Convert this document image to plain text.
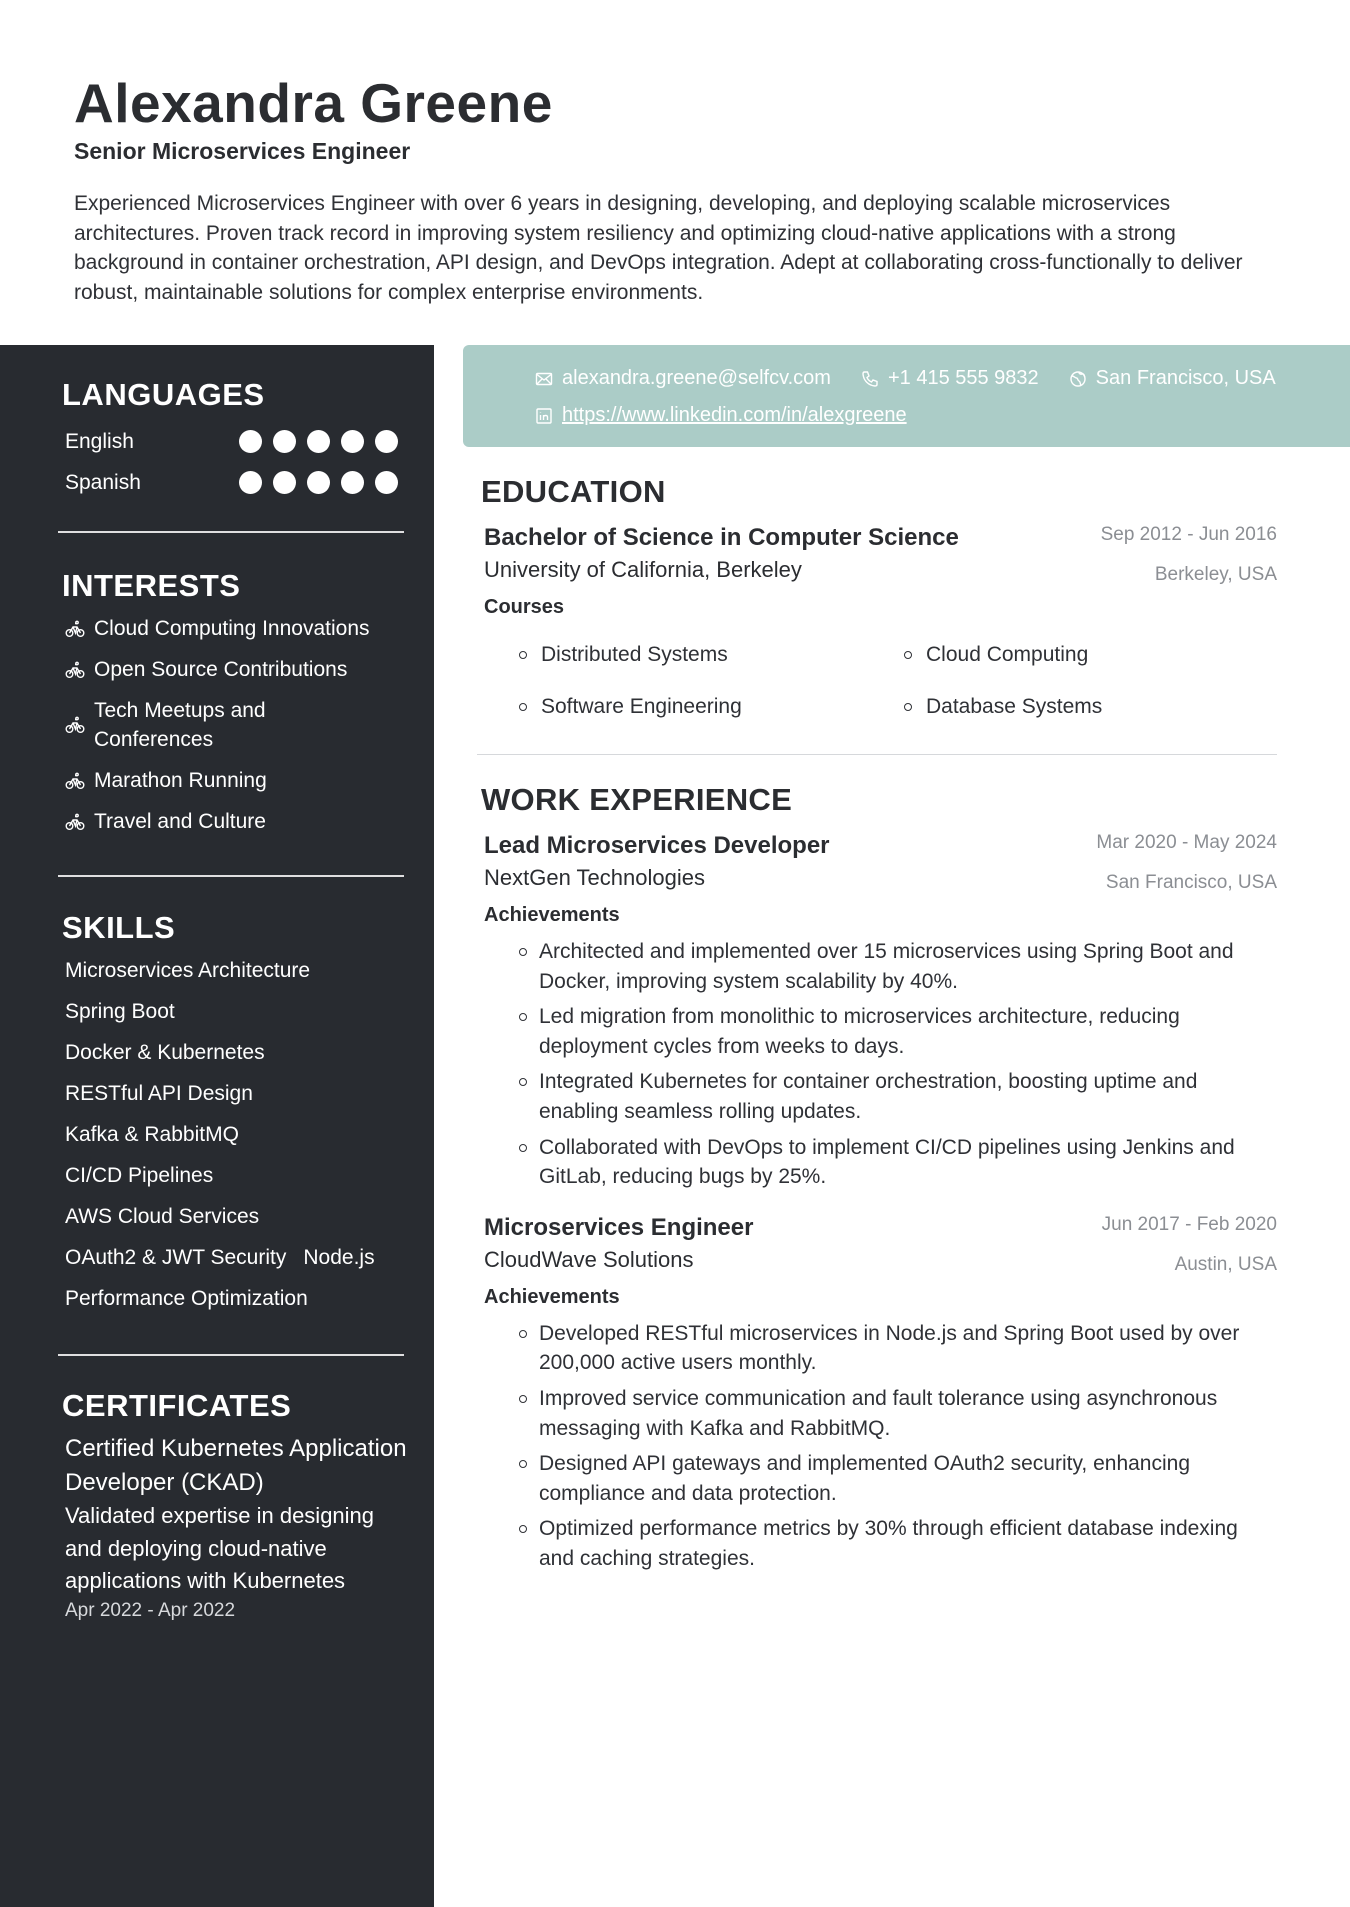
Alexandra Greene
Senior Microservices Engineer
Experienced Microservices Engineer with over 6 years in designing, developing, and deploying scalable microservices architectures. Proven track record in improving system resiliency and optimizing cloud-native applications with a strong background in container orchestration, API design, and DevOps integration. Adept at collaborating cross-functionally to deliver robust, maintainable solutions for complex enterprise environments.
LANGUAGES
English
Spanish
INTERESTS
Cloud Computing Innovations
Open Source Contributions
Tech Meetups and Conferences
Marathon Running
Travel and Culture
SKILLS
Microservices Architecture
Spring Boot
Docker & Kubernetes
RESTful API Design
Kafka & RabbitMQ
CI/CD Pipelines
AWS Cloud Services
OAuth2 & JWT Security Node.js
Performance Optimization
CERTIFICATES
Certified Kubernetes Application Developer (CKAD)
Validated expertise in designing and deploying cloud-native applications with Kubernetes
Apr 2022 - Apr 2022
alexandra.greene@selfcv.com	+1 415 555 9832	San Francisco, USA
https://www.linkedin.com/in/alexgreene
EDUCATION
Bachelor of Science in Computer Science
University of California, Berkeley
Sep 2012 - Jun 2016
Berkeley, USA
Courses
Distributed Systems	Cloud Computing
Software Engineering	Database Systems
WORK EXPERIENCE
Lead Microservices Developer
NextGen Technologies
Mar 2020 - May 2024
San Francisco, USA
Achievements
Architected and implemented over 15 microservices using Spring Boot and Docker, improving system scalability by 40%.
Led migration from monolithic to microservices architecture, reducing deployment cycles from weeks to days.
Integrated Kubernetes for container orchestration, boosting uptime and enabling seamless rolling updates.
Collaborated with DevOps to implement CI/CD pipelines using Jenkins and GitLab, reducing bugs by 25%.
Microservices Engineer
CloudWave Solutions
Jun 2017 - Feb 2020
Austin, USA
Achievements
Developed RESTful microservices in Node.js and Spring Boot used by over 200,000 active users monthly.
Improved service communication and fault tolerance using asynchronous messaging with Kafka and RabbitMQ.
Designed API gateways and implemented OAuth2 security, enhancing compliance and data protection.
Optimized performance metrics by 30% through efficient database indexing and caching strategies.
